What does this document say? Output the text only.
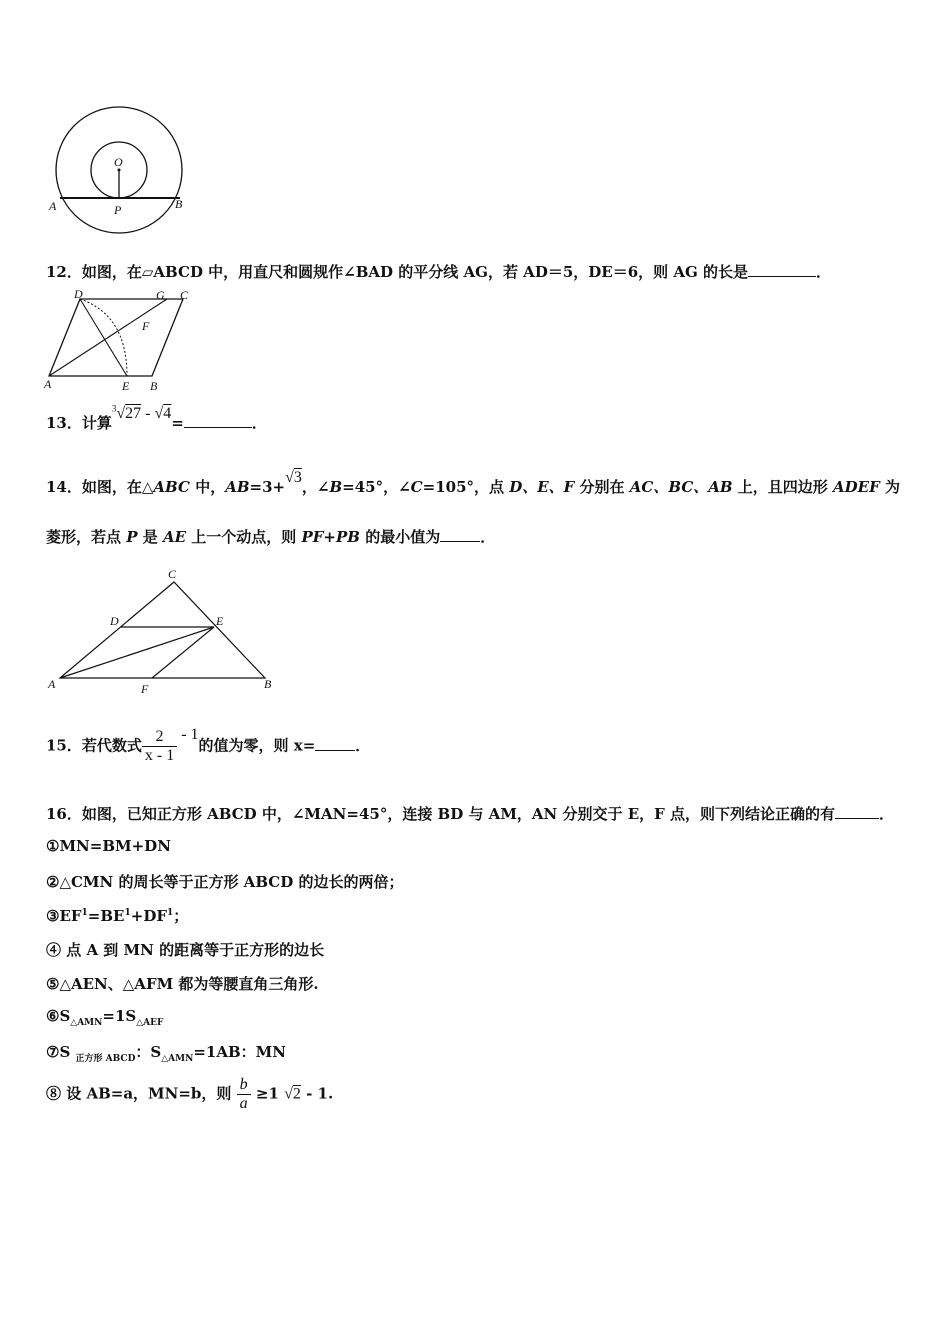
O
A	P	B
12．如图，在▱ABCD 中，用直尺和圆规作∠BAD 的平分线 AG，若 AD＝5，DE＝6，则 AG 的长是	．
D	G C
F
A	E B
13．计算$^3$√27 - √4=	．
14．如图，在△ABC 中，AB=3+√3，∠B=45°，∠C=105°，点 D、E、F 分别在 AC、BC、AB 上，且四边形 ADEF 为
菱形，若点 P 是 AE 上一个动点，则 PF+PB 的最小值为	．
C
D	E
A	F	B
15．若代数式 $\frac{2}{x - 1} - 1$的值为零，则 x=	．
16．如图，已知正方形 ABCD 中，∠MAN=45°，连接 BD 与 AM，AN 分别交于 E，F 点，则下列结论正确的有	．
①MN=BM+DN
②△CMN 的周长等于正方形 ABCD 的边长的两倍；
$③EF^1=BE^1+DF^1$；
④ 点 A 到 MN 的距离等于正方形的边长
⑤△AEN、△AFM 都为等腰直角三角形.
$⑥S_{\triangle AMN}=1S_{\triangle AEF}$
⑦S $_{正方形 ABCD}$：$S_{\triangle AMN}=1AB$：MN
⑧ 设 AB=a，MN=b，则 $\frac{b}{a} \ge 1$ √2 - 1.
